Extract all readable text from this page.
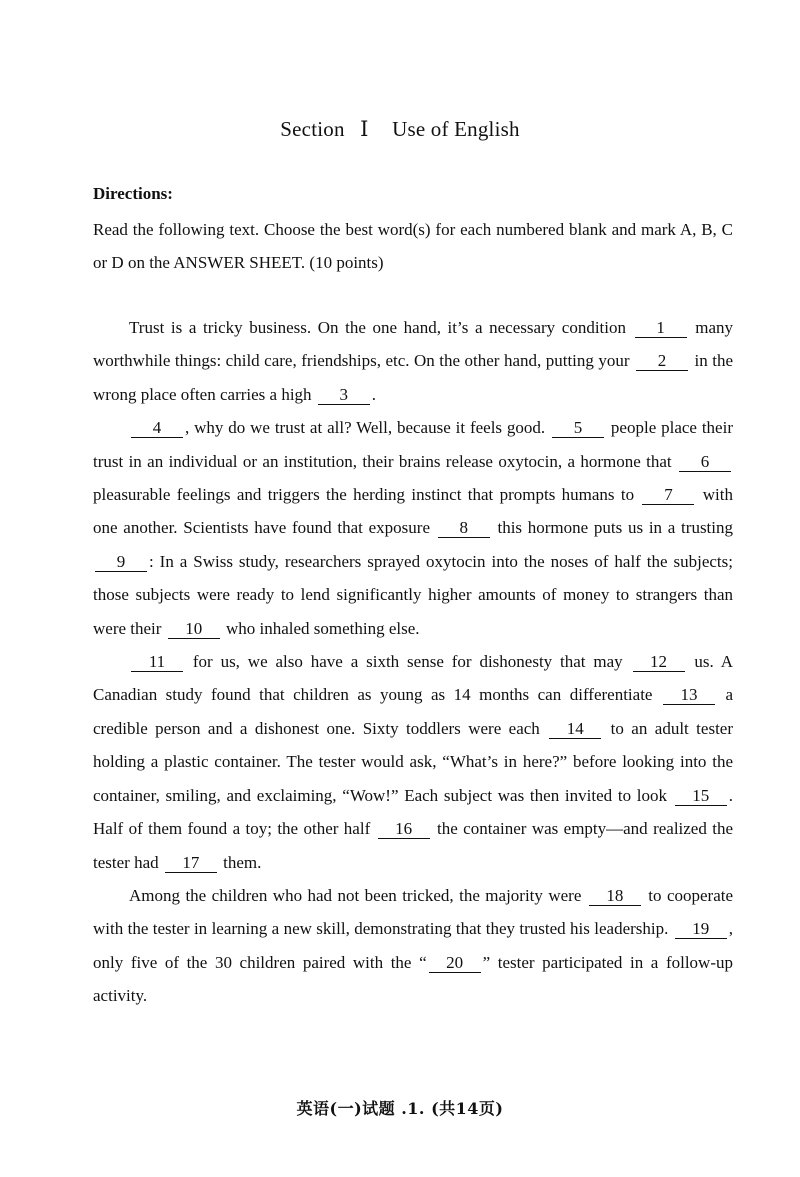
Section Ⅰ Use of English
Directions:
Read the following text. Choose the best word(s) for each numbered blank and mark A, B, C or D on the ANSWER SHEET. (10 points)

Trust is a tricky business. On the one hand, it’s a necessary condition 1 many worthwhile things: child care, friendships, etc. On the other hand, putting your 2 in the wrong place often carries a high 3 .

4 , why do we trust at all? Well, because it feels good. 5 people place their trust in an individual or an institution, their brains release oxytocin, a hormone that 6 pleasurable feelings and triggers the herding instinct that prompts humans to 7 with one another. Scientists have found that exposure 8 this hormone puts us in a trusting 9 : In a Swiss study, researchers sprayed oxytocin into the noses of half the subjects; those subjects were ready to lend significantly higher amounts of money to strangers than were their 10 who inhaled something else.

11 for us, we also have a sixth sense for dishonesty that may 12 us. A Canadian study found that children as young as 14 months can differentiate 13 a credible person and a dishonest one. Sixty toddlers were each 14 to an adult tester holding a plastic container. The tester would ask, “What’s in here?” before looking into the container, smiling, and exclaiming, “Wow!” Each subject was then invited to look 15 . Half of them found a toy; the other half 16 the container was empty—and realized the tester had 17 them.

Among the children who had not been tricked, the majority were 18 to cooperate with the tester in learning a new skill, demonstrating that they trusted his leadership. 19 , only five of the 30 children paired with the “ 20 ” tester participated in a follow-up activity.

英语(一)试题 .1. (共14页)
